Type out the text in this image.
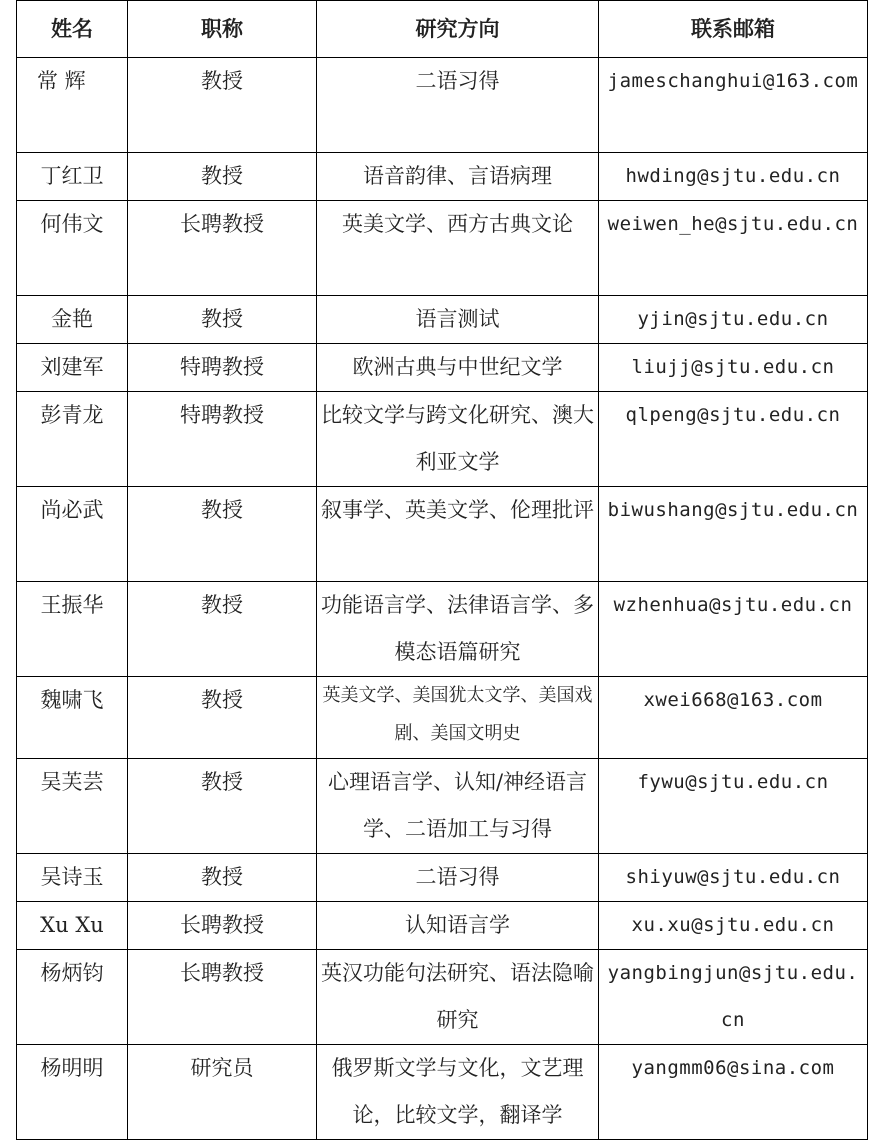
姓名	职称	研究方向	联系邮箱
常 辉	教授	二语习得	jameschanghui@163.com
丁红卫	教授	语音韵律、言语病理	hwding@sjtu.edu.cn
何伟文	长聘教授	英美文学、西方古典文论	weiwen_he@sjtu.edu.cn
金艳	教授	语言测试	yjin@sjtu.edu.cn
刘建军	特聘教授	欧洲古典与中世纪文学	liujj@sjtu.edu.cn
彭青龙	特聘教授	比较文学与跨文化研究、澳大利亚文学	qlpeng@sjtu.edu.cn
尚必武	教授	叙事学、英美文学、伦理批评	biwushang@sjtu.edu.cn
王振华	教授	功能语言学、法律语言学、多模态语篇研究	wzhenhua@sjtu.edu.cn
魏啸飞	教授	英美文学、美国犹太文学、美国戏剧、美国文明史	xwei668@163.com
吴芙芸	教授	心理语言学、认知/神经语言学、二语加工与习得	fywu@sjtu.edu.cn
吴诗玉	教授	二语习得	shiyuw@sjtu.edu.cn
Xu Xu	长聘教授	认知语言学	xu.xu@sjtu.edu.cn
杨炳钧	长聘教授	英汉功能句法研究、语法隐喻研究	yangbingjun@sjtu.edu.cn
杨明明	研究员	俄罗斯文学与文化，文艺理论，比较文学，翻译学	yangmm06@sina.com
